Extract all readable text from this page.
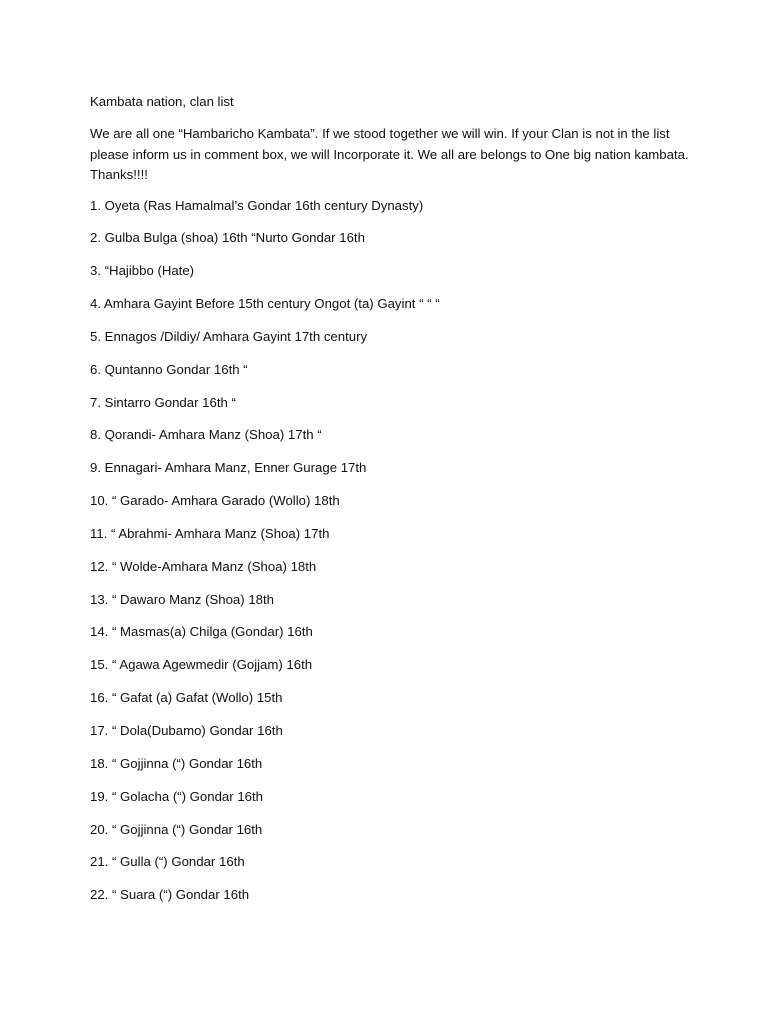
Kambata nation, clan list
We are all one “Hambaricho Kambata”. If we stood together we will win. If your Clan is not in the list please inform us in comment box, we will Incorporate it. We all are belongs to One big nation kambata. Thanks!!!!
1. Oyeta (Ras Hamalmal’s Gondar 16th century Dynasty)
2. Gulba Bulga (shoa) 16th “Nurto Gondar 16th
3. “Hajibbo (Hate)
4. Amhara Gayint Before 15th century Ongot (ta) Gayint “ “ “
5. Ennagos /Dildiy/ Amhara Gayint 17th century
6. Quntanno Gondar 16th “
7. Sintarro Gondar 16th “
8. Qorandi- Amhara Manz (Shoa) 17th “
9. Ennagari- Amhara Manz, Enner Gurage 17th
10. “ Garado- Amhara Garado (Wollo) 18th
11. “ Abrahmi- Amhara Manz (Shoa) 17th
12. “ Wolde-Amhara Manz (Shoa) 18th
13. “ Dawaro Manz (Shoa) 18th
14. “ Masmas(a) Chilga (Gondar) 16th
15. “ Agawa Agewmedir (Gojjam) 16th
16. “ Gafat (a) Gafat (Wollo) 15th
17. “ Dola(Dubamo) Gondar 16th
18. “ Gojjinna (“) Gondar 16th
19. “ Golacha (“) Gondar 16th
20. “ Gojjinna (“) Gondar 16th
21. “ Gulla (“) Gondar 16th
22. “ Suara (“) Gondar 16th
